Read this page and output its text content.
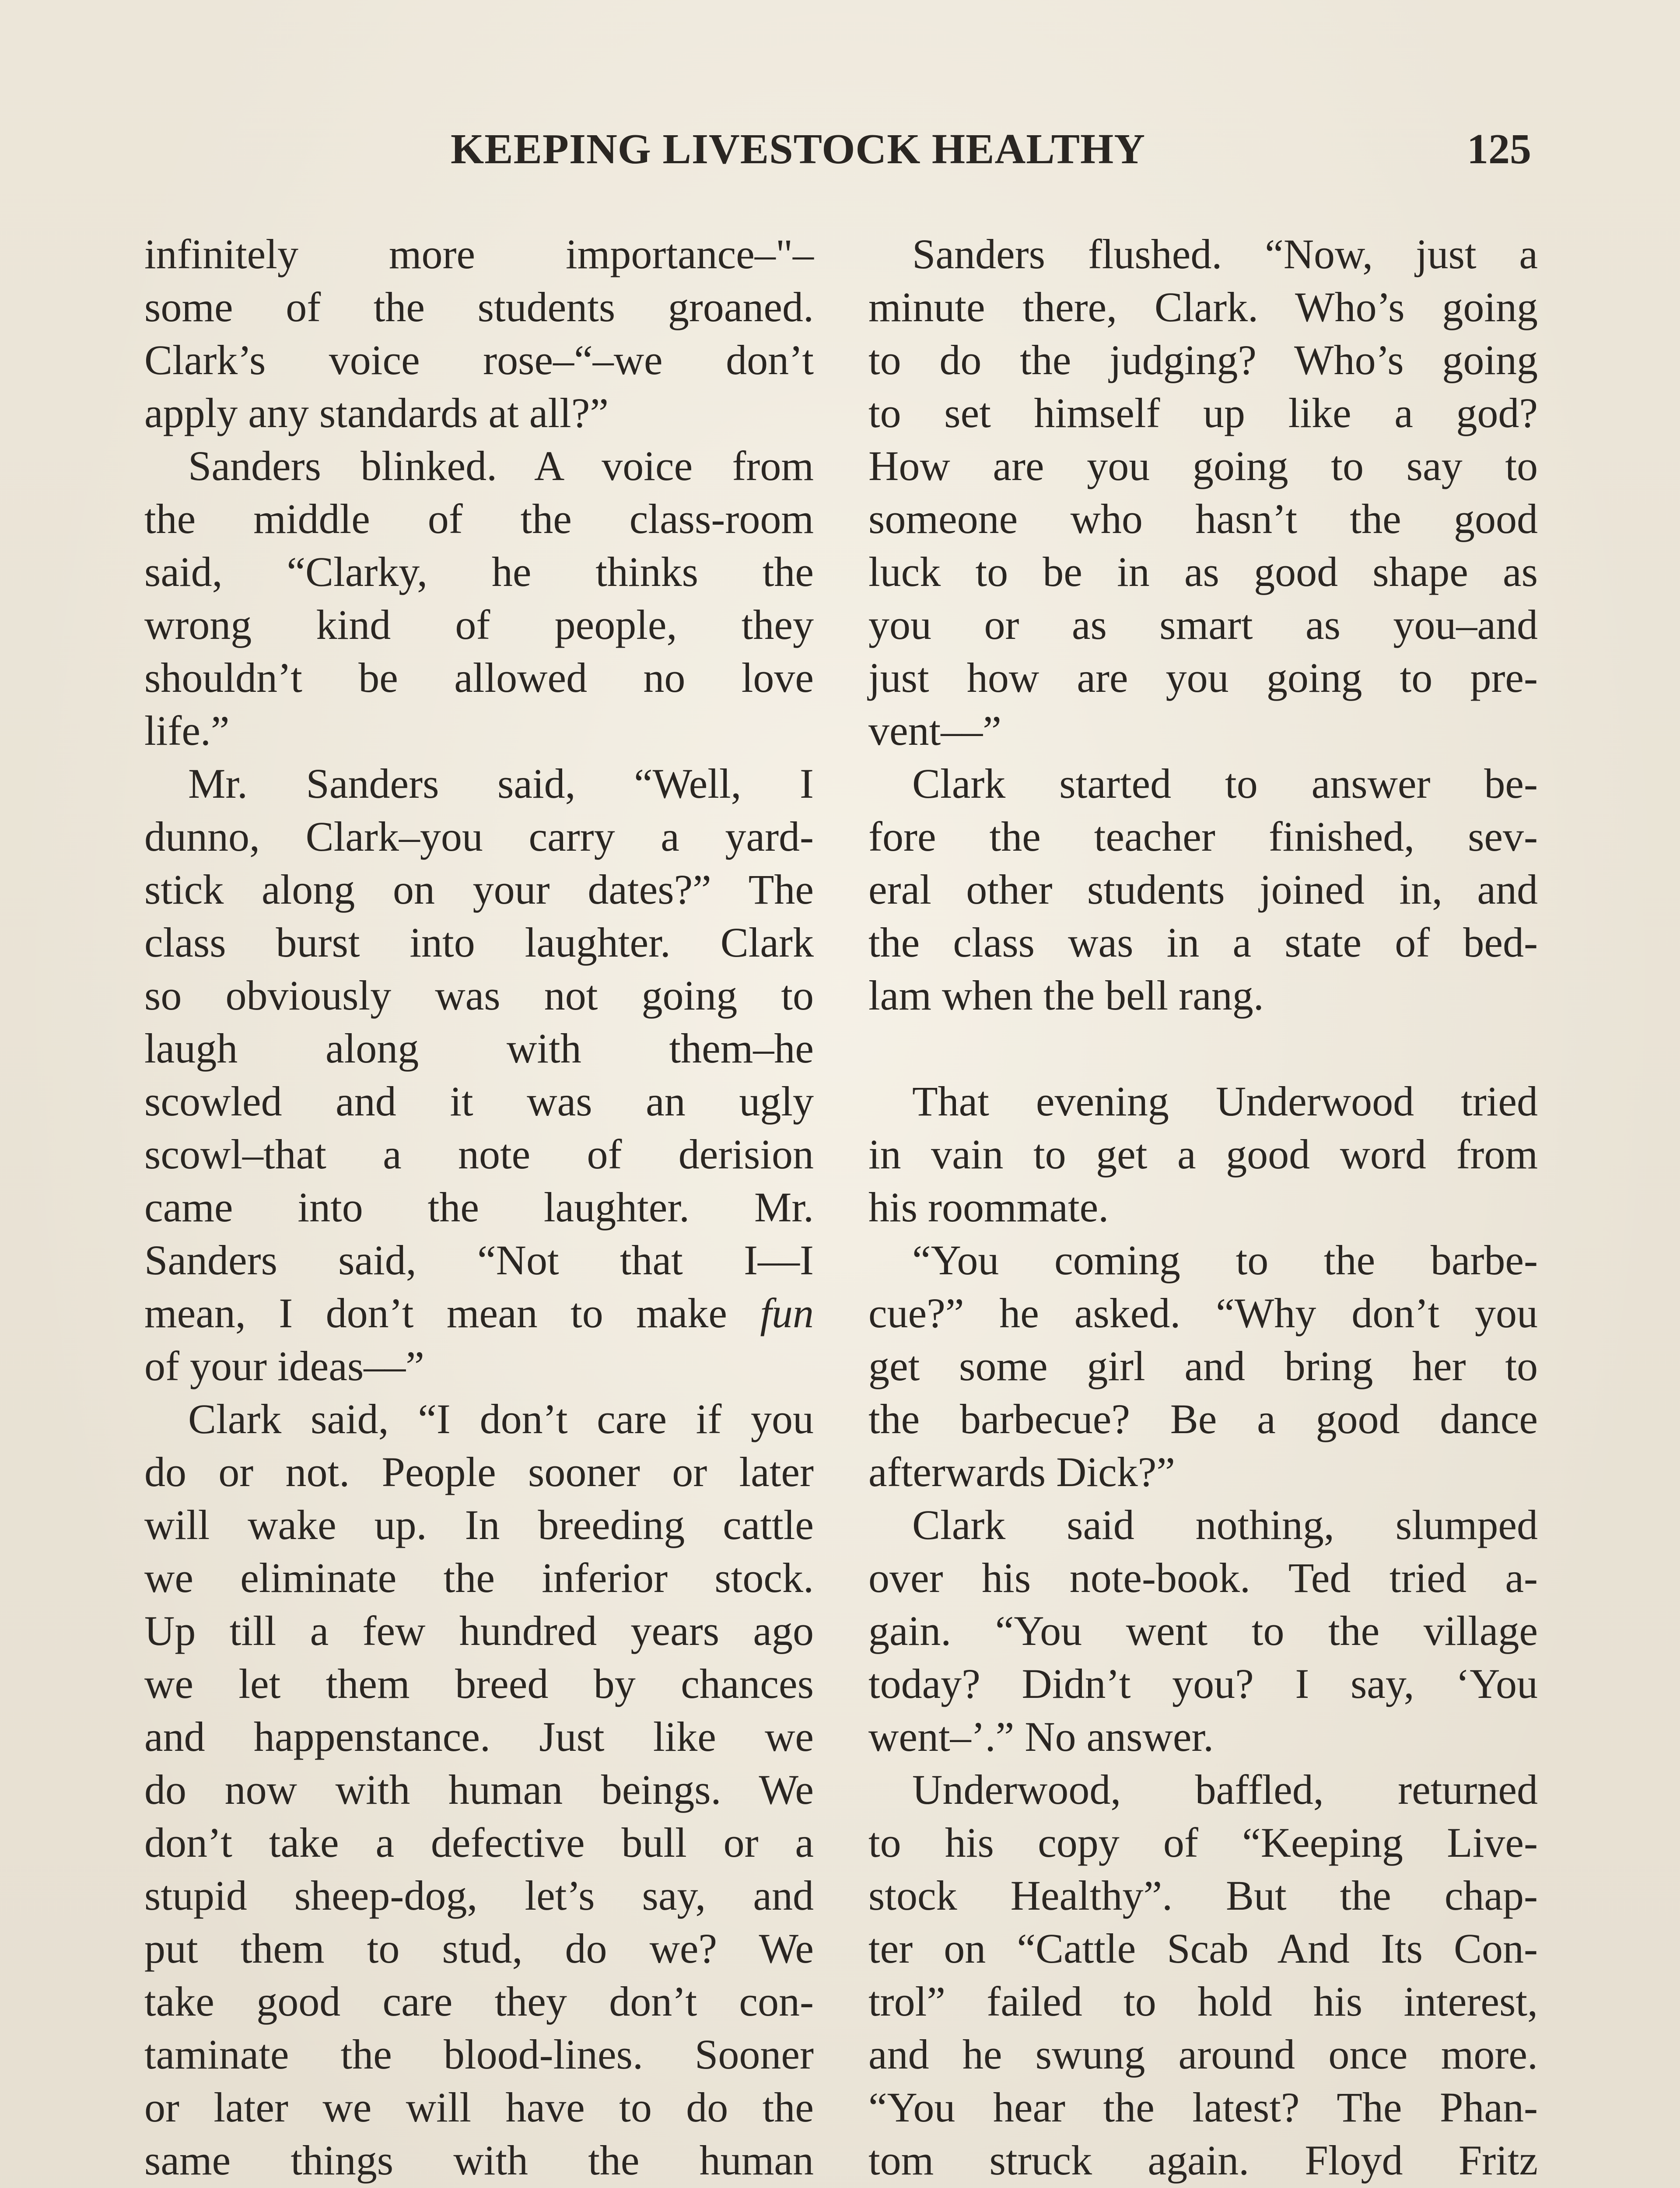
KEEPING LIVESTOCK HEALTHY	125
infinitely more importance–"–
some of the students groaned.
Clark’s voice rose–“–we don’t
apply any standards at all?”
Sanders blinked. A voice from
the middle of the class-room
said, “Clarky, he thinks the
wrong kind of people, they
shouldn’t be allowed no love
life.”
Mr. Sanders said, “Well, I
dunno, Clark–you carry a yard-
stick along on your dates?” The
class burst into laughter. Clark
so obviously was not going to
laugh along with them–he
scowled and it was an ugly
scowl–that a note of derision
came into the laughter. Mr.
Sanders said, “Not that I––I
mean, I don’t mean to make fun
of your ideas––”
Clark said, “I don’t care if you
do or not. People sooner or later
will wake up. In breeding cattle
we eliminate the inferior stock.
Up till a few hundred years ago
we let them breed by chances
and happenstance. Just like we
do now with human beings. We
don’t take a defective bull or a
stupid sheep-dog, let’s say, and
put them to stud, do we? We
take good care they don’t con-
taminate the blood-lines. Sooner
or later we will have to do the
same things with the human
Sanders flushed. “Now, just a
minute there, Clark. Who’s going
to do the judging? Who’s going
to set himself up like a god?
How are you going to say to
someone who hasn’t the good
luck to be in as good shape as
you or as smart as you–and
just how are you going to pre-
vent––”
Clark started to answer be-
fore the teacher finished, sev-
eral other students joined in, and
the class was in a state of bed-
lam when the bell rang.
That evening Underwood tried
in vain to get a good word from
his roommate.
“You coming to the barbe-
cue?” he asked. “Why don’t you
get some girl and bring her to
the barbecue? Be a good dance
afterwards Dick?”
Clark said nothing, slumped
over his note-book. Ted tried a-
gain. “You went to the village
today? Didn’t you? I say, ‘You
went–’.” No answer.
Underwood, baffled, returned
to his copy of “Keeping Live-
stock Healthy”. But the chap-
ter on “Cattle Scab And Its Con-
trol” failed to hold his interest,
and he swung around once more.
“You hear the latest? The Phan-
tom struck again. Floyd Fritz
